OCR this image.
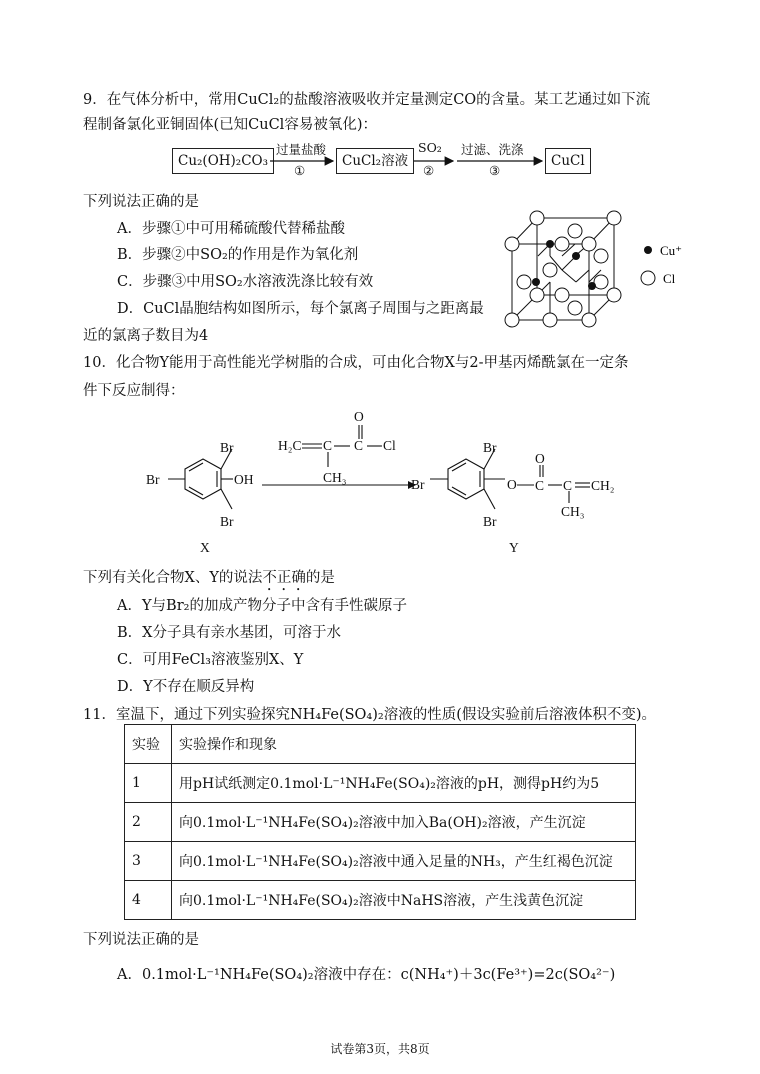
9．在气体分析中，常用CuCl₂的盐酸溶液吸收并定量测定CO的含量。某工艺通过如下流
程制备氯化亚铜固体(已知CuCl容易被氧化)：
Cu₂(OH)₂CO₃
过量盐酸
①
CuCl₂溶液
SO₂
②
过滤、洗涤
③
CuCl
下列说法正确的是
A．步骤①中可用稀硫酸代替稀盐酸
B．步骤②中SO₂的作用是作为氧化剂
C．步骤③中用SO₂水溶液洗涤比较有效
D．CuCl晶胞结构如图所示，每个氯离子周围与之距离最
近的氯离子数目为4
Cu⁺
Cl
10．化合物Y能用于高性能光学树脂的合成，可由化合物X与2-甲基丙烯酰氯在一定条
件下反应制得：
Br
Br	OH
Br
X
H₂C C
CH₃
O
C Cl	Br
Br	O
Br
O
C C CH₂
CH₃
Y
下列有关化合物X、Y的说法不正确的是
A．Y与Br₂的加成产物分子中含有手性碳原子
B．X分子具有亲水基团，可溶于水
C．可用FeCl₃溶液鉴别X、Y
D．Y不存在顺反异构
11．室温下，通过下列实验探究NH₄Fe(SO₄)₂溶液的性质(假设实验前后溶液体积不变)。
实验	实验操作和现象
1	用pH试纸测定0.1mol·L⁻¹NH₄Fe(SO₄)₂溶液的pH，测得pH约为5
2	向0.1mol·L⁻¹NH₄Fe(SO₄)₂溶液中加入Ba(OH)₂溶液，产生沉淀
3	向0.1mol·L⁻¹NH₄Fe(SO₄)₂溶液中通入足量的NH₃，产生红褐色沉淀
4	向0.1mol·L⁻¹NH₄Fe(SO₄)₂溶液中NaHS溶液，产生浅黄色沉淀
下列说法正确的是
A．0.1mol·L⁻¹NH₄Fe(SO₄)₂溶液中存在：c(NH₄⁺)＋3c(Fe³⁺)=2c(SO₄²⁻)
试卷第3页，共8页
